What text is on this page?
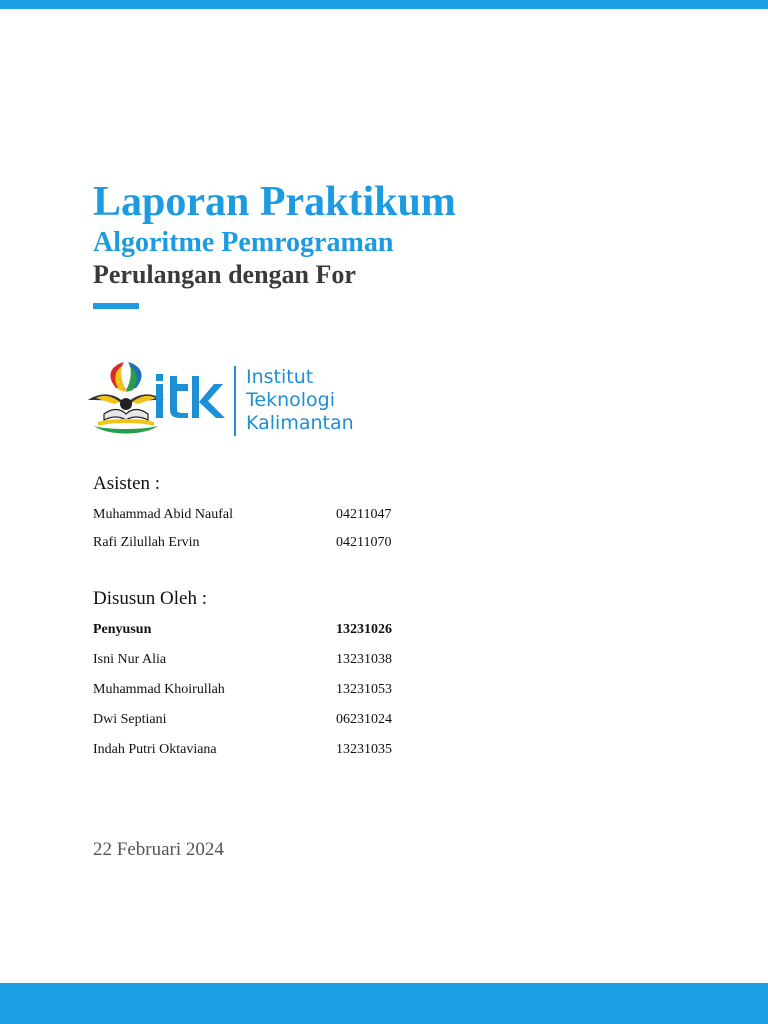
Laporan Praktikum
Algoritme Pemrograman
Perulangan dengan For
Institut
Teknologi
Kalimantan
Asisten :
Muhammad Abid Naufal	04211047
Rafi Zilullah Ervin	04211070
Disusun Oleh :
Penyusun	13231026
Isni Nur Alia	13231038
Muhammad Khoirullah	13231053
Dwi Septiani	06231024
Indah Putri Oktaviana	13231035
22 Februari 2024
